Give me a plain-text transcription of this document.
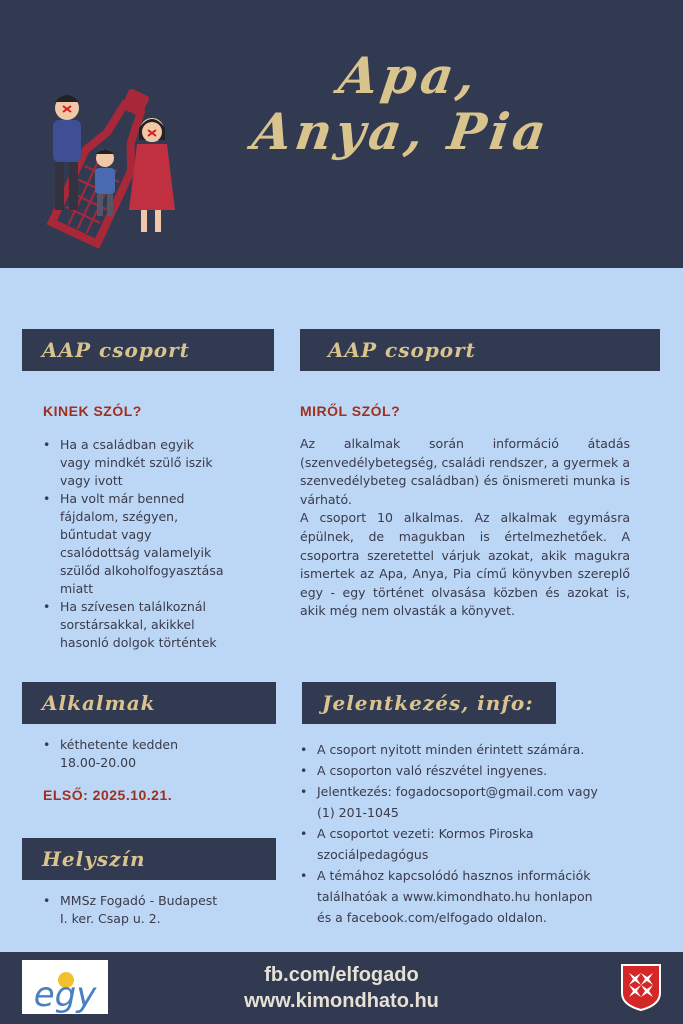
Apa,
Anya, Pia
AAP csoport	AAP csoport
KINEK SZÓL?
• Ha a családban egyik
vagy mindkét szülő iszik
vagy ivott
• Ha volt már benned
fájdalom, szégyen,
bűntudat vagy
csalódottság valamelyik
szülőd alkoholfogyasztása
miatt
• Ha szívesen találkoznál
sorstársakkal, akikkel
hasonló dolgok történtek
MIRŐL SZÓL?

Az alkalmak során információ átadás (szenvedélybetegség, családi rendszer, a gyermek a szenvedélybeteg családban) és önismereti munka is várható.

A csoport 10 alkalmas. Az alkalmak egymásra épülnek, de magukban is értelmezhetőek. A csoportra szeretettel várjuk azokat, akik magukra ismertek az Apa, Anya, Pia című könyvben szereplő egy - egy történet olvasása közben és azokat is, akik még nem olvasták a könyvet.

Alkalmak
• kéthetente kedden
18.00-20.00
ELSŐ: 2025.10.21.
Helyszín
• MMSz Fogadó - Budapest
I. ker. Csap u. 2.
Jelentkezés, info:
• A csoport nyitott minden érintett számára.
• A csoporton való részvétel ingyenes.
• Jelentkezés: fogadocsoport@gmail.com vagy
(1) 201-1045
• A csoportot vezeti: Kormos Piroska
szociálpedagógus
• A témához kapcsolódó hasznos információk
találhatóak a www.kimondhato.hu honlapon
és a facebook.com/elfogado oldalon.
egy	fb.com/elfogado
www.kimondhato.hu
